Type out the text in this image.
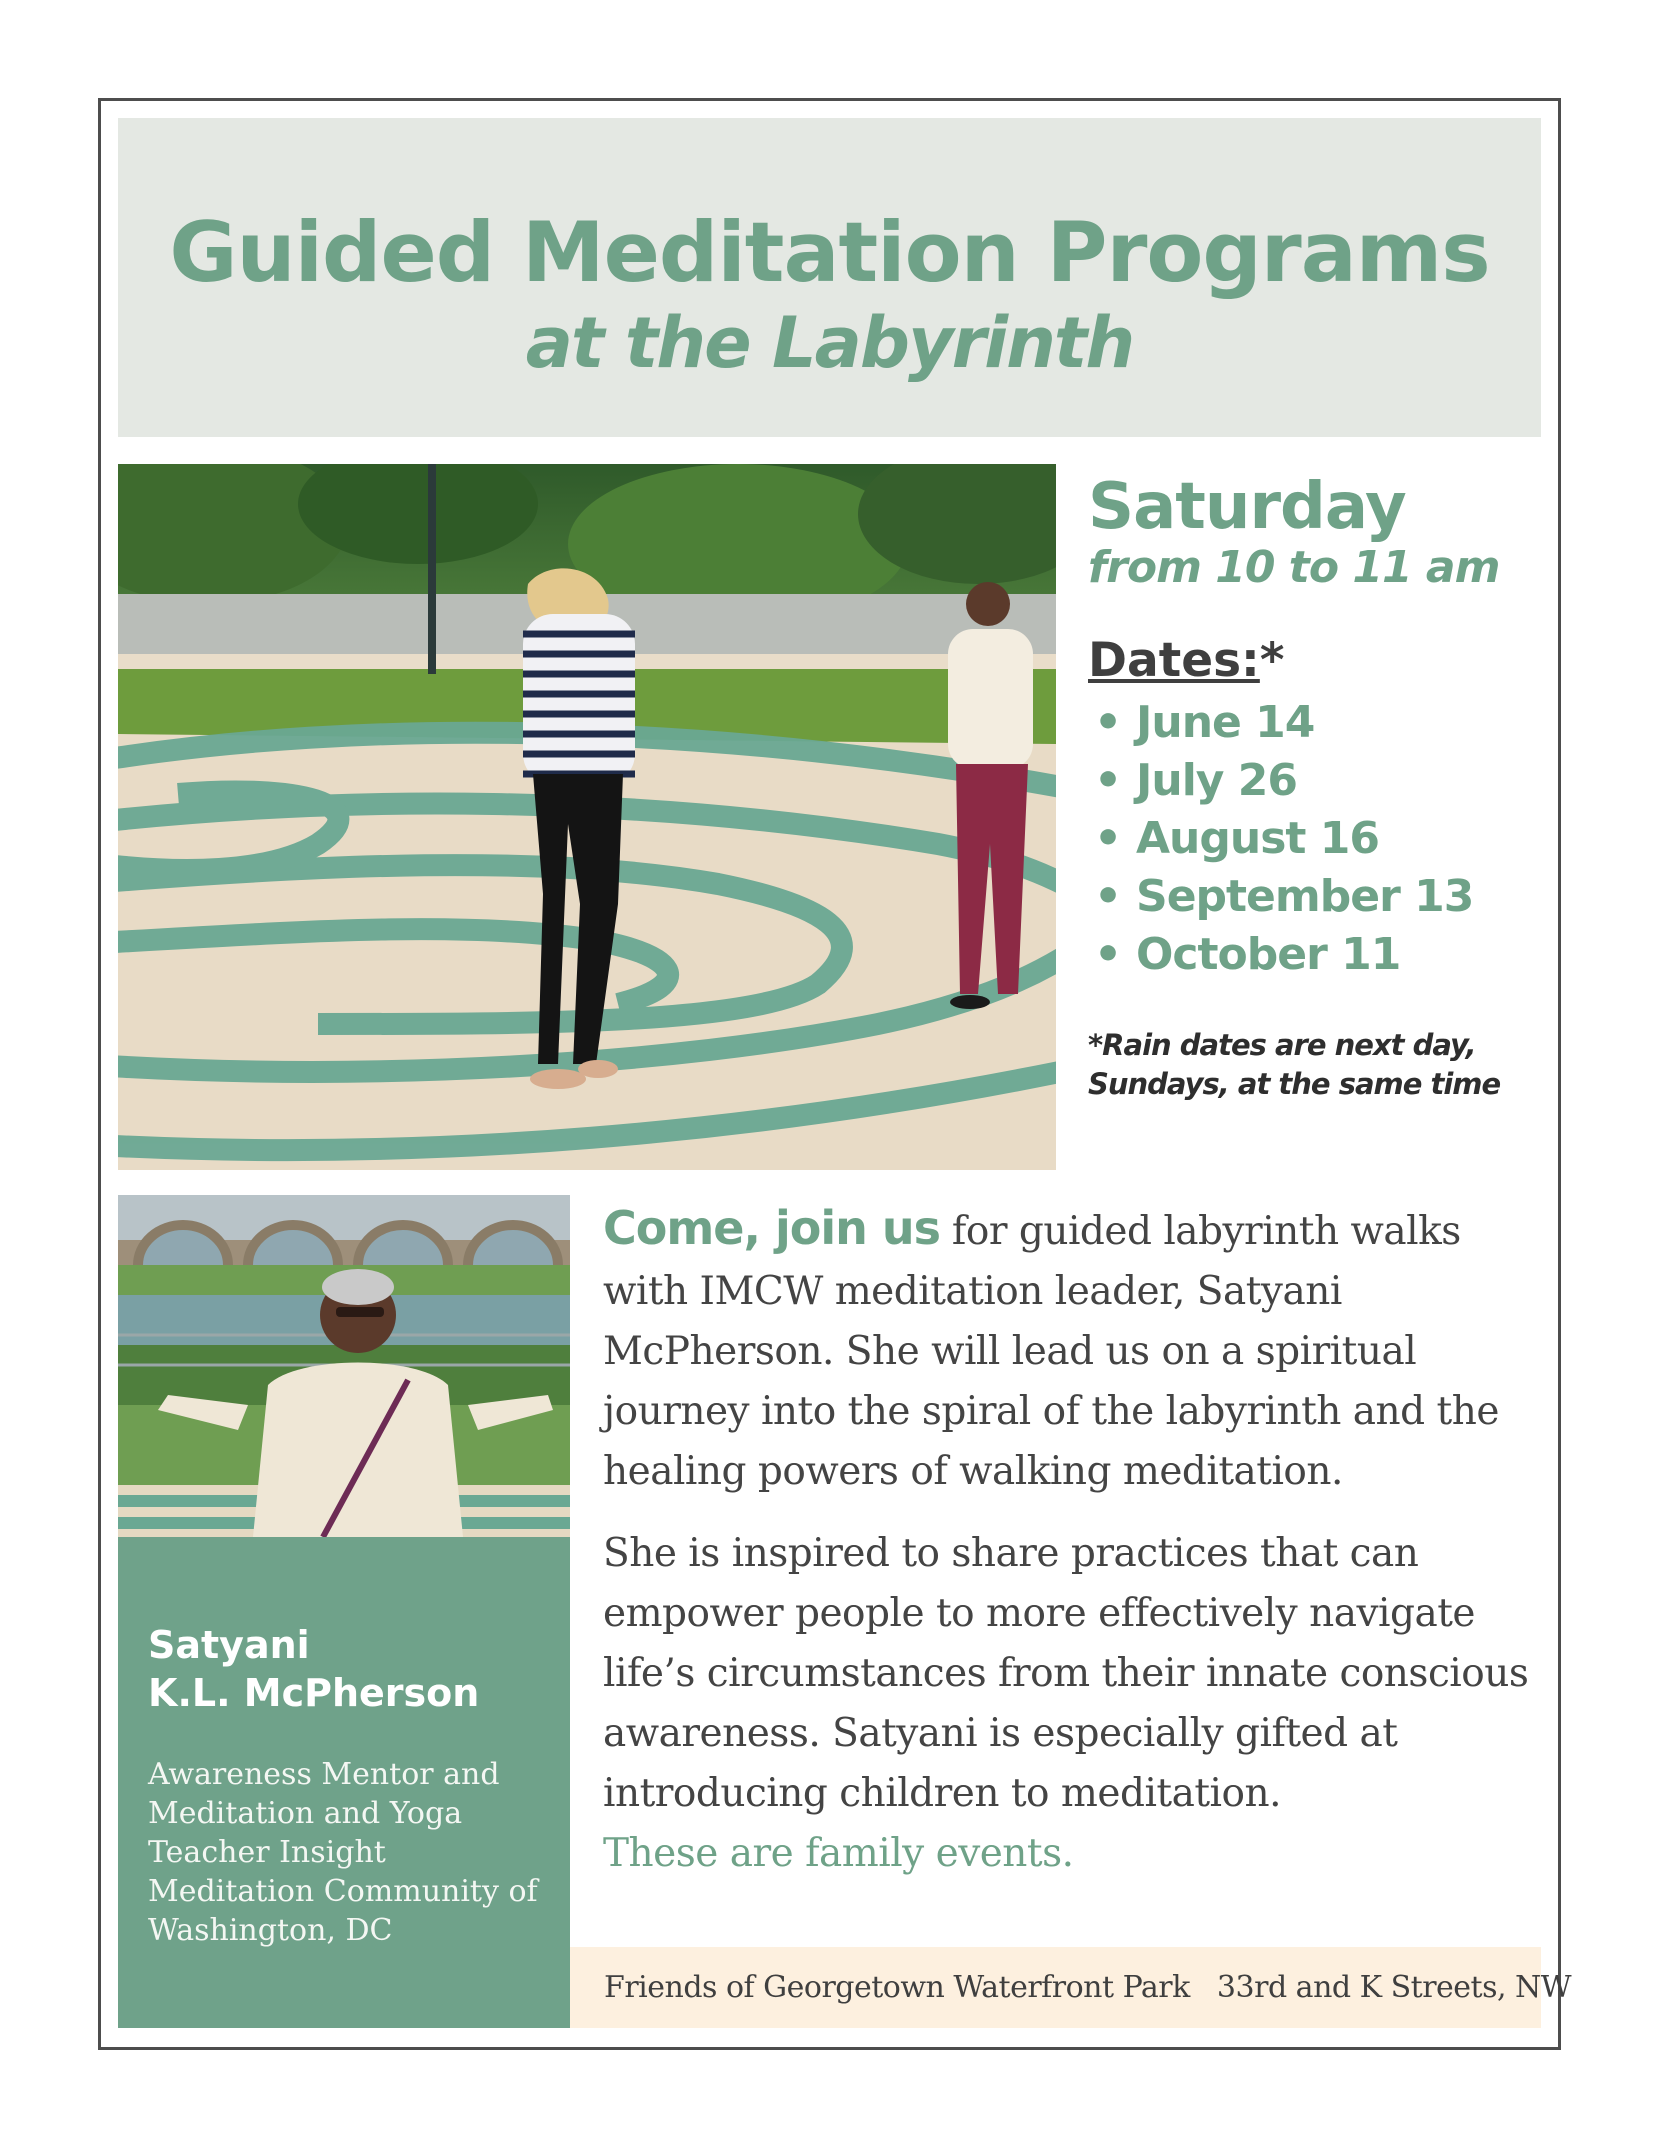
Guided Meditation Programs
at the Labyrinth
Saturday
from 10 to 11 am
Dates:*
• June 14
• July 26
• August 16
• September 13
• October 11
*Rain dates are next day,
Sundays, at the same time
Satyani
K.L. McPherson
Awareness Mentor and Meditation and Yoga Teacher Insight Meditation Community of Washington, DC

Come, join us for guided labyrinth walks with IMCW meditation leader, Satyani McPherson. She will lead us on a spiritual journey into the spiral of the labyrinth and the healing powers of walking meditation.

She is inspired to share practices that can empower people to more effectively navigate life’s circumstances from their innate conscious awareness. Satyani is especially gifted at introducing children to meditation.
These are family events.

Friends of Georgetown Waterfront Park   33rd and K Streets, NW
